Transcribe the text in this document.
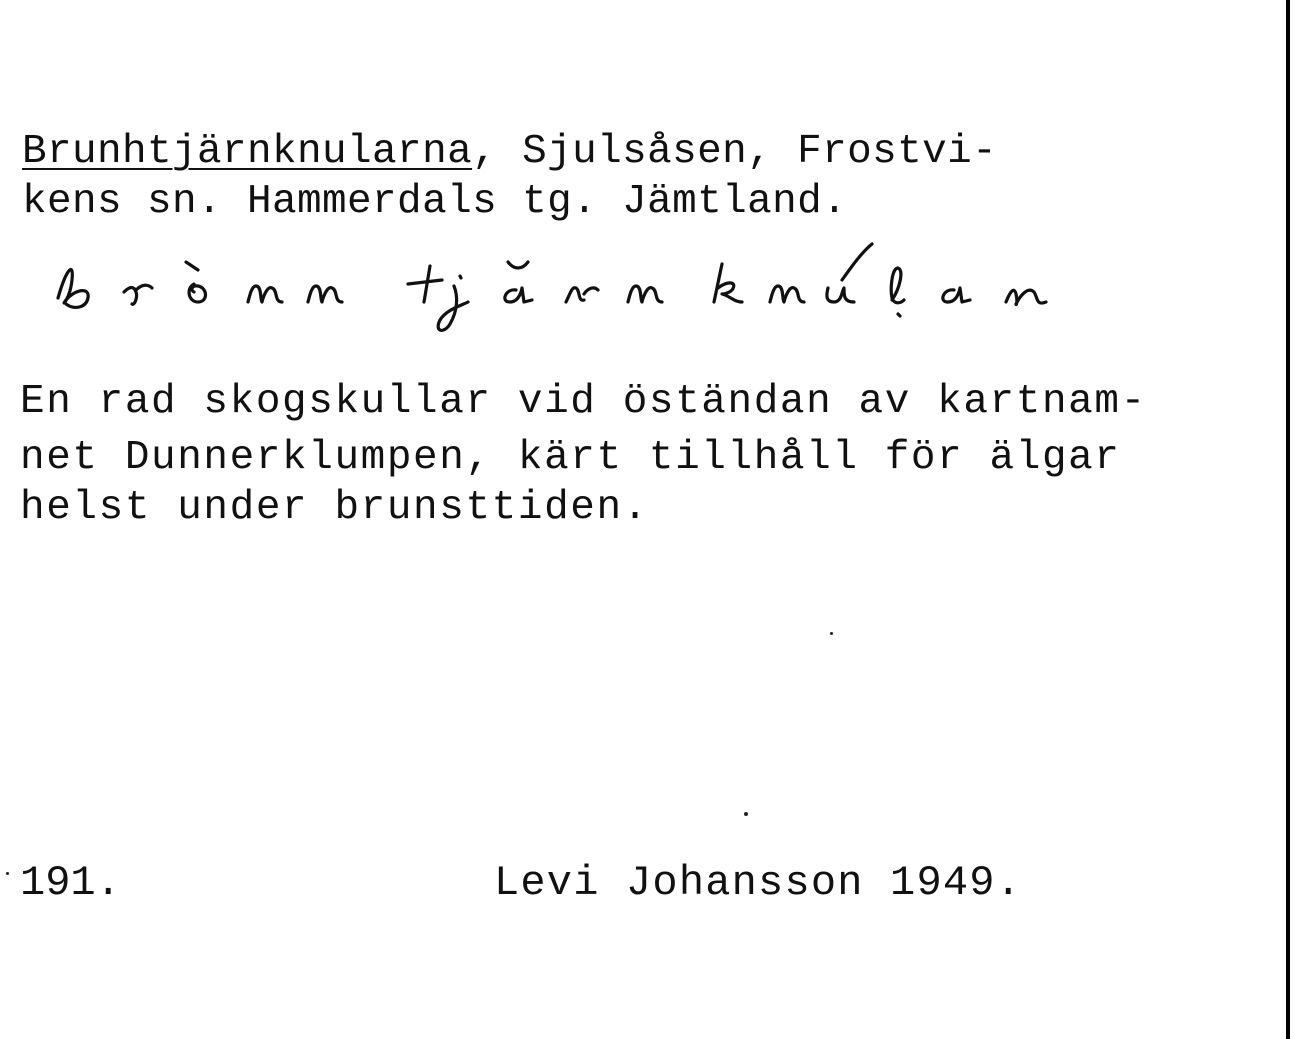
Brunhtjärnknularna, Sjulsåsen, Frostvi-
kens sn. Hammerdals tg. Jämtland.
En rad skogskullar vid öständan av kartnam-
net Dunnerklumpen, kärt tillhåll för älgar
helst under brunsttiden.
191.	Levi Johansson 1949.
